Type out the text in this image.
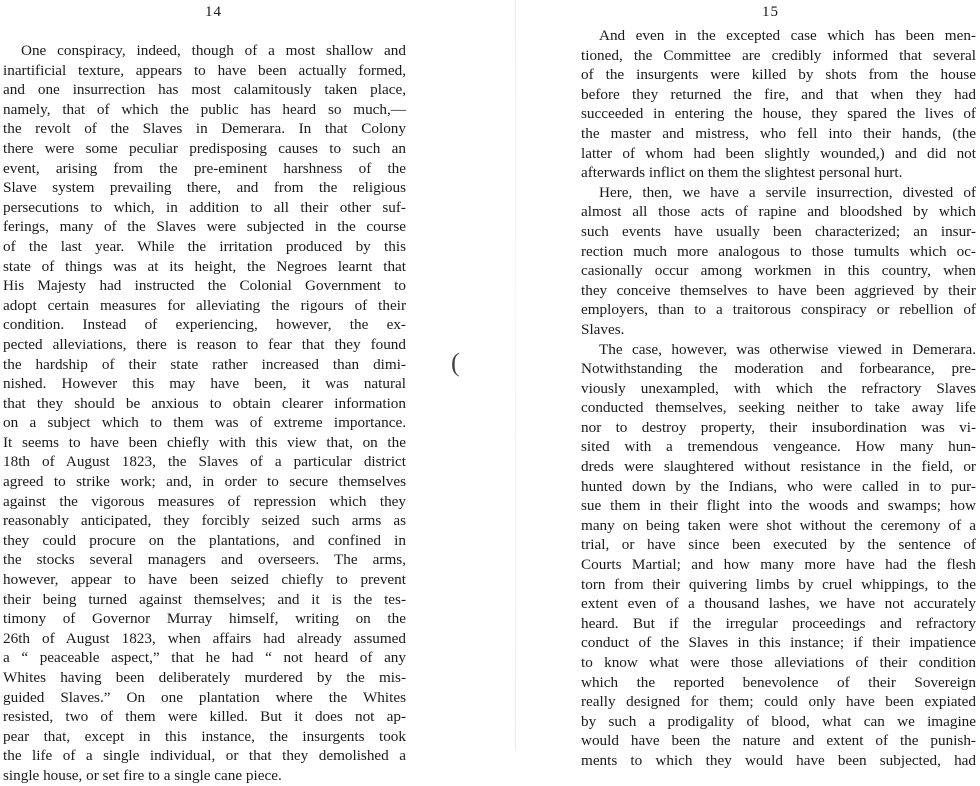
14	15
(
One conspiracy, indeed, though of a most shallow and
inartificial texture, appears to have been actually formed,
and one insurrection has most calamitously taken place,
namely, that of which the public has heard so much,—
the revolt of the Slaves in Demerara. In that Colony
there were some peculiar predisposing causes to such an
event, arising from the pre-eminent harshness of the
Slave system prevailing there, and from the religious
persecutions to which, in addition to all their other suf-
ferings, many of the Slaves were subjected in the course
of the last year. While the irritation produced by this
state of things was at its height, the Negroes learnt that
His Majesty had instructed the Colonial Government to
adopt certain measures for alleviating the rigours of their
condition. Instead of experiencing, however, the ex-
pected alleviations, there is reason to fear that they found
the hardship of their state rather increased than dimi-
nished. However this may have been, it was natural
that they should be anxious to obtain clearer information
on a subject which to them was of extreme importance.
It seems to have been chiefly with this view that, on the
18th of August 1823, the Slaves of a particular district
agreed to strike work; and, in order to secure themselves
against the vigorous measures of repression which they
reasonably anticipated, they forcibly seized such arms as
they could procure on the plantations, and confined in
the stocks several managers and overseers. The arms,
however, appear to have been seized chiefly to prevent
their being turned against themselves; and it is the tes-
timony of Governor Murray himself, writing on the
26th of August 1823, when affairs had already assumed
a “ peaceable aspect,” that he had “ not heard of any
Whites having been deliberately murdered by the mis-
guided Slaves.” On one plantation where the Whites
resisted, two of them were killed. But it does not ap-
pear that, except in this instance, the insurgents took
the life of a single individual, or that they demolished a
single house, or set fire to a single cane piece.
And even in the excepted case which has been men-
tioned, the Committee are credibly informed that several
of the insurgents were killed by shots from the house
before they returned the fire, and that when they had
succeeded in entering the house, they spared the lives of
the master and mistress, who fell into their hands, (the
latter of whom had been slightly wounded,) and did not
afterwards inflict on them the slightest personal hurt.
Here, then, we have a servile insurrection, divested of
almost all those acts of rapine and bloodshed by which
such events have usually been characterized; an insur-
rection much more analogous to those tumults which oc-
casionally occur among workmen in this country, when
they conceive themselves to have been aggrieved by their
employers, than to a traitorous conspiracy or rebellion of
Slaves.
The case, however, was otherwise viewed in Demerara.
Notwithstanding the moderation and forbearance, pre-
viously unexampled, with which the refractory Slaves
conducted themselves, seeking neither to take away life
nor to destroy property, their insubordination was vi-
sited with a tremendous vengeance. How many hun-
dreds were slaughtered without resistance in the field, or
hunted down by the Indians, who were called in to pur-
sue them in their flight into the woods and swamps; how
many on being taken were shot without the ceremony of a
trial, or have since been executed by the sentence of
Courts Martial; and how many more have had the flesh
torn from their quivering limbs by cruel whippings, to the
extent even of a thousand lashes, we have not accurately
heard. But if the irregular proceedings and refractory
conduct of the Slaves in this instance; if their impatience
to know what were those alleviations of their condition
which the reported benevolence of their Sovereign
really designed for them; could only have been expiated
by such a prodigality of blood, what can we imagine
would have been the nature and extent of the punish-
ments to which they would have been subjected, had
